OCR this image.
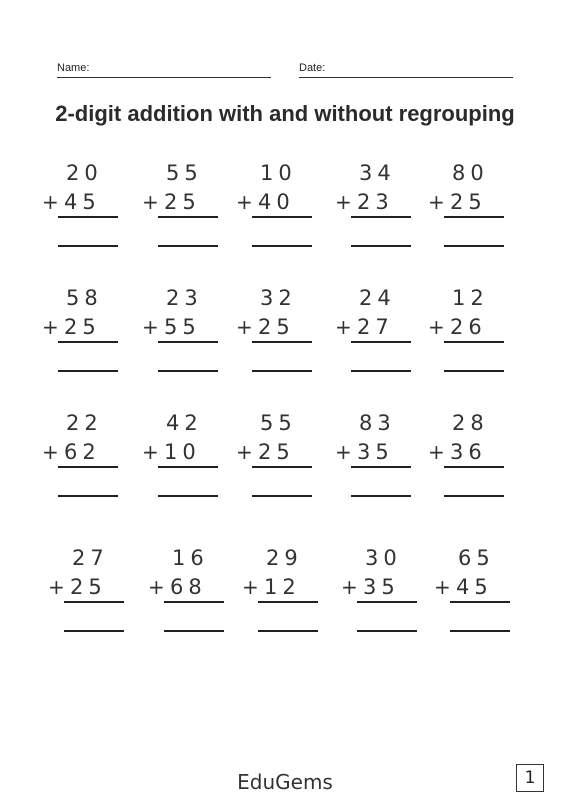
Name:	Date:
2-digit addition with and without regrouping
20
+ 45
55
+ 25
10
+ 40
34
+ 23
80
+ 25
58
+ 25
23
+ 55
32
+ 25
24
+ 27
12
+ 26
22
+ 62
42
+ 10
55
+ 25
83
+ 35
28
+ 36
27
+ 25
16
+ 68
29
+ 12
30
+ 35
65
+ 45
EduGems	1
